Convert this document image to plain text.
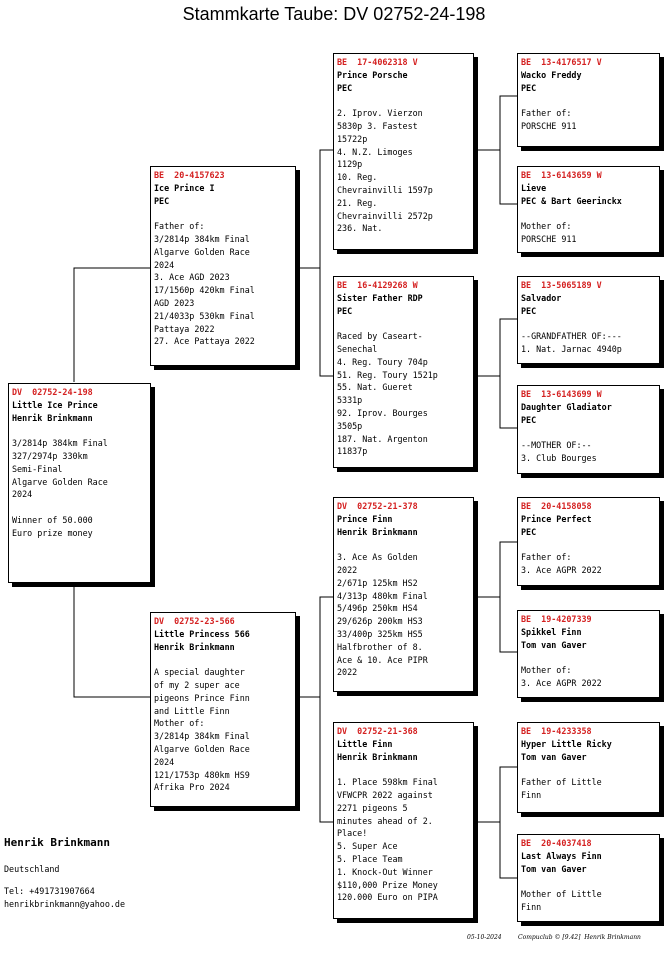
Stammkarte Taube: DV 02752-24-198
DV  02752-24-198
Little Ice Prince
Henrik Brinkmann
3/2814p 384km Final
327/2974p 330km
Semi-Final
Algarve Golden Race
2024

Winner of 50.000
Euro prize money
BE  20-4157623
Ice Prince I
PEC
Father of:
3/2814p 384km Final
Algarve Golden Race
2024
3. Ace AGD 2023
17/1560p 420km Final
AGD 2023
21/4033p 530km Final
Pattaya 2022
27. Ace Pattaya 2022
DV  02752-23-566
Little Princess 566
Henrik Brinkmann
A special daughter
of my 2 super ace
pigeons Prince Finn
and Little Finn
Mother of:
3/2814p 384km Final
Algarve Golden Race
2024
121/1753p 480km HS9
Afrika Pro 2024
BE  17-4062318 V
Prince Porsche
PEC
2. Iprov. Vierzon
5830p 3. Fastest
15722p
4. N.Z. Limoges
1129p
10. Reg.
Chevrainvilli 1597p
21. Reg.
Chevrainvilli 2572p
236. Nat.
BE  16-4129268 W
Sister Father RDP
PEC
Raced by Caseart-
Senechal
4. Reg. Toury 704p
51. Reg. Toury 1521p
55. Nat. Gueret
5331p
92. Iprov. Bourges
3505p
187. Nat. Argenton
11837p
DV  02752-21-378
Prince Finn
Henrik Brinkmann
3. Ace As Golden
2022
2/671p 125km HS2
4/313p 480km Final
5/496p 250km HS4
29/626p 200km HS3
33/400p 325km HS5
Halfbrother of 8.
Ace & 10. Ace PIPR
2022
DV  02752-21-368
Little Finn
Henrik Brinkmann
1. Place 598km Final
VFWCPR 2022 against
2271 pigeons 5
minutes ahead of 2.
Place!
5. Super Ace
5. Place Team
1. Knock-Out Winner
$110,000 Prize Money
120.000 Euro on PIPA
BE  13-4176517 V
Wacko Freddy
PEC
Father of:
PORSCHE 911
BE  13-6143659 W
Lieve
PEC & Bart Geerinckx
Mother of:
PORSCHE 911
BE  13-5065189 V
Salvador
PEC
--GRANDFATHER OF:---
1. Nat. Jarnac 4940p
BE  13-6143699 W
Daughter Gladiator
PEC
--MOTHER OF:--
3. Club Bourges
BE  20-4158058
Prince Perfect
PEC
Father of:
3. Ace AGPR 2022
BE  19-4207339
Spikkel Finn
Tom van Gaver
Mother of:
3. Ace AGPR 2022
BE  19-4233358
Hyper Little Ricky
Tom van Gaver
Father of Little
Finn
BE  20-4037418
Last Always Finn
Tom van Gaver
Mother of Little
Finn
Henrik Brinkmann
Deutschland
Tel: +491731907664
henrikbrinkmann@yahoo.de
05-10-2024	Compuclub © [9.42]  Henrik Brinkmann
